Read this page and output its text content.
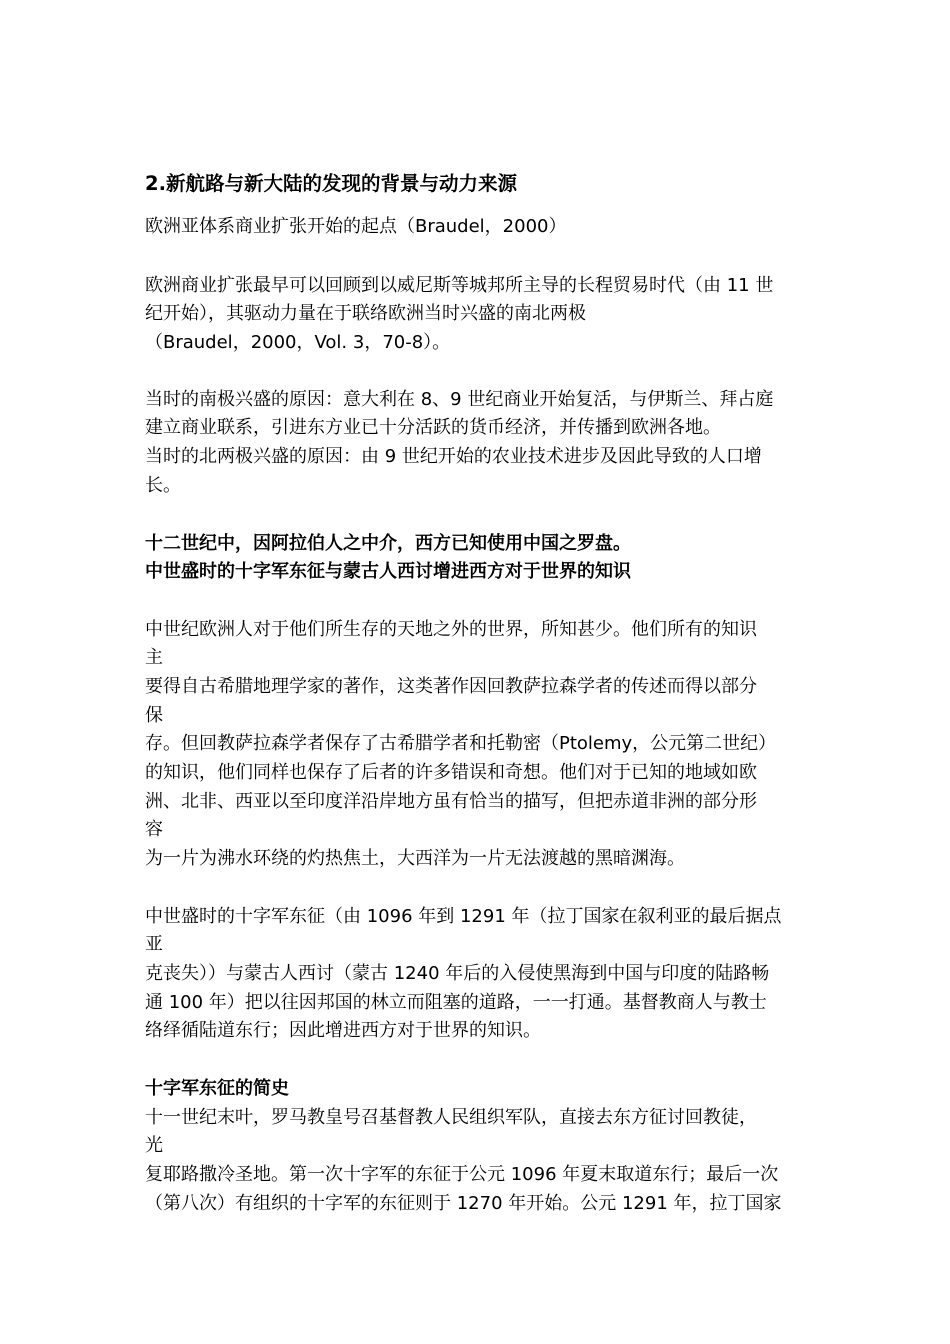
2.新航路与新大陆的发现的背景与动力来源
欧洲亚体系商业扩张开始的起点（Braudel，2000）
欧洲商业扩张最早可以回顾到以威尼斯等城邦所主导的长程贸易时代（由 11 世
纪开始），其驱动力量在于联络欧洲当时兴盛的南北两极
（Braudel，2000，Vol. 3，70-8）。
当时的南极兴盛的原因：意大利在 8、9 世纪商业开始复活，与伊斯兰、拜占庭
建立商业联系，引进东方业已十分活跃的货币经济，并传播到欧洲各地。
当时的北两极兴盛的原因：由 9 世纪开始的农业技术进步及因此导致的人口增
长。
十二世纪中，因阿拉伯人之中介，西方已知使用中国之罗盘。
中世盛时的十字军东征与蒙古人西讨增进西方对于世界的知识
中世纪欧洲人对于他们所生存的天地之外的世界，所知甚少。他们所有的知识
主
要得自古希腊地理学家的著作，这类著作因回教萨拉森学者的传述而得以部分
保
存。但回教萨拉森学者保存了古希腊学者和托勒密（Ptolemy，公元第二世纪）
的知识，他们同样也保存了后者的许多错误和奇想。他们对于已知的地域如欧
洲、北非、西亚以至印度洋沿岸地方虽有恰当的描写，但把赤道非洲的部分形
容
为一片为沸水环绕的灼热焦土，大西洋为一片无法渡越的黑暗渊海。
中世盛时的十字军东征（由 1096 年到 1291 年（拉丁国家在叙利亚的最后据点
亚
克丧失））与蒙古人西讨（蒙古 1240 年后的入侵使黑海到中国与印度的陆路畅
通 100 年）把以往因邦国的林立而阻塞的道路，一一打通。基督教商人与教士
络绎循陆道东行；因此增进西方对于世界的知识。
十字军东征的简史
十一世纪末叶，罗马教皇号召基督教人民组织军队，直接去东方征讨回教徒，
光
复耶路撒冷圣地。第一次十字军的东征于公元 1096 年夏末取道东行；最后一次
（第八次）有组织的十字军的东征则于 1270 年开始。公元 1291 年，拉丁国家
